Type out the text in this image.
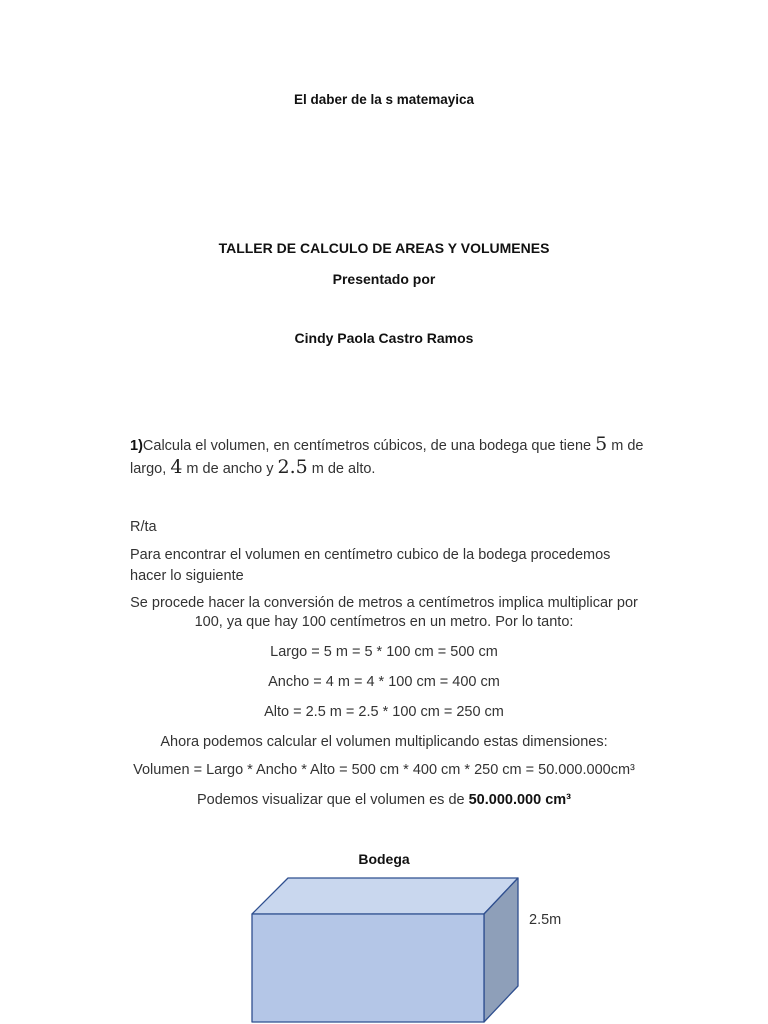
El daber de la s matemayica
TALLER DE CALCULO DE AREAS Y VOLUMENES
Presentado por
Cindy Paola Castro Ramos
1)Calcula el volumen, en centímetros cúbicos, de una bodega que tiene 5 m de largo, 4 m de ancho y 2.5 m de alto.
R/ta
Para encontrar el volumen en centímetro cubico de la bodega procedemos hacer lo siguiente
Se procede hacer la conversión de metros a centímetros implica multiplicar por
100, ya que hay 100 centímetros en un metro. Por lo tanto:
Largo = 5 m = 5 * 100 cm = 500 cm
Ancho = 4 m = 4 * 100 cm = 400 cm
Alto = 2.5 m = 2.5 * 100 cm = 250 cm
Ahora podemos calcular el volumen multiplicando estas dimensiones:
Volumen = Largo * Ancho * Alto = 500 cm * 400 cm * 250 cm = 50.000.000cm³
Podemos visualizar que el volumen es de 50.000.000 cm³
Bodega
2.5m
